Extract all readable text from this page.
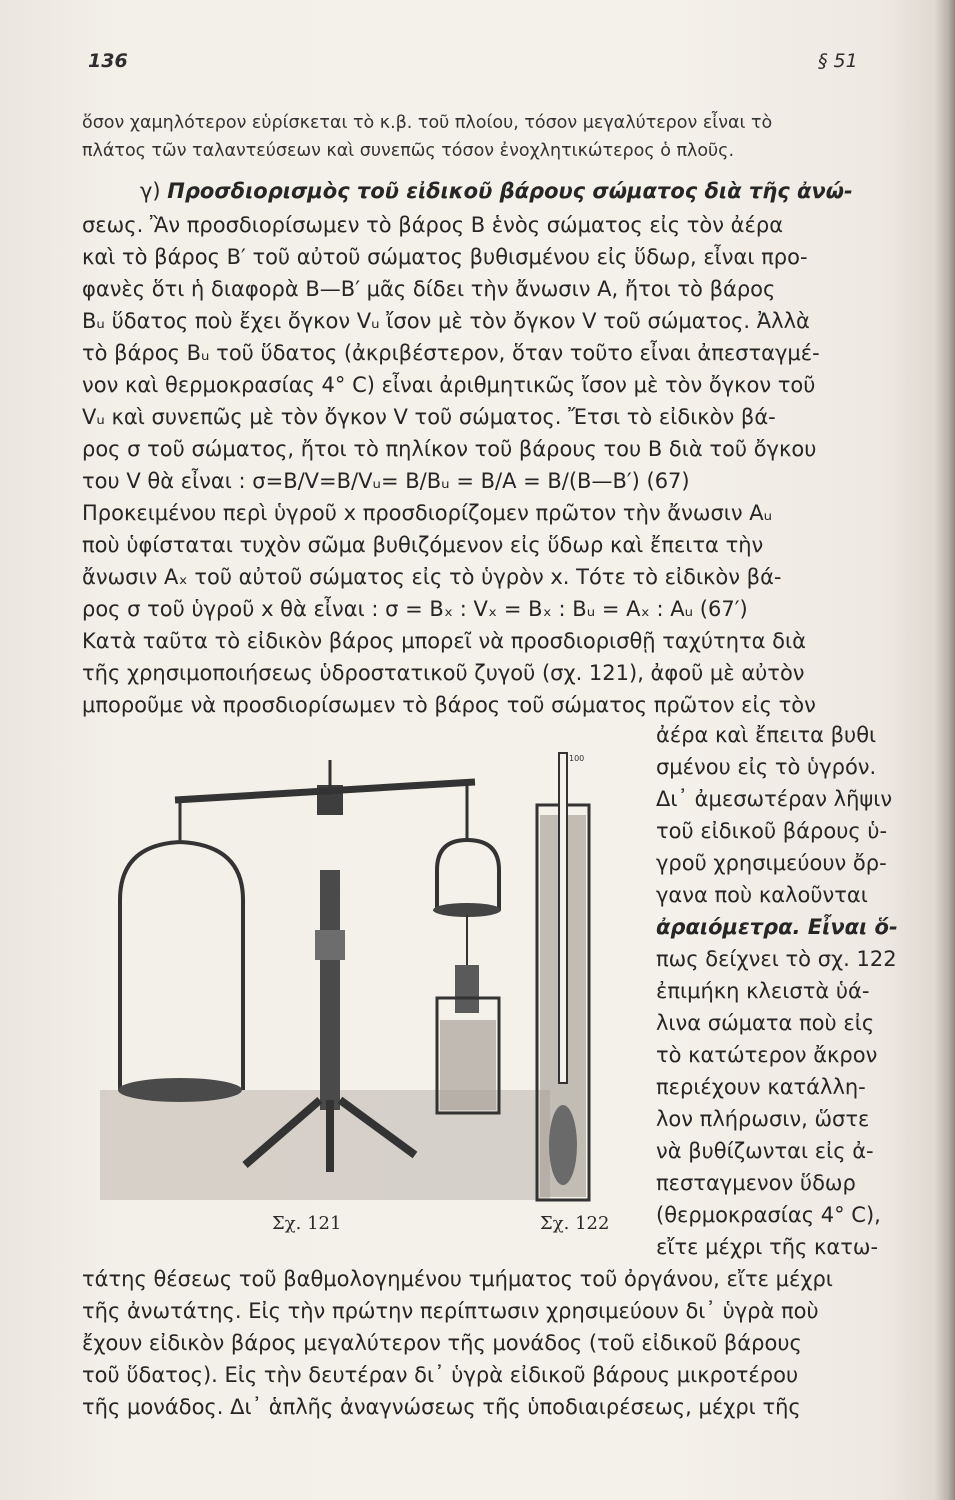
136	§ 51
ὅσον χαμηλότερον εὑρίσκεται τὸ κ.β. τοῦ πλοίου, τόσον μεγαλύτερον εἶναι τὸ
πλάτος τῶν ταλαντεύσεων καὶ συνεπῶς τόσον ἐνοχλητικώτερος ὁ πλοῦς.
γ) Προσδιορισμὸς τοῦ εἰδικοῦ βάρους σώματος διὰ τῆς ἀνώ-
σεως. Ἂν προσδιορίσωμεν τὸ βάρος B ἑνὸς σώματος εἰς τὸν ἀέρα
καὶ τὸ βάρος B′ τοῦ αὐτοῦ σώματος βυθισμένου εἰς ὕδωρ, εἶναι προ-
φανὲς ὅτι ἡ διαφορὰ B—B′ μᾶς δίδει τὴν ἄνωσιν A, ἤτοι τὸ βάρος
Bᵤ ὕδατος ποὺ ἔχει ὄγκον Vᵤ ἴσον μὲ τὸν ὄγκον V τοῦ σώματος. Ἀλλὰ
τὸ βάρος Bᵤ τοῦ ὕδατος (ἀκριβέστερον, ὅταν τοῦτο εἶναι ἀπεσταγμέ-
νον καὶ θερμοκρασίας 4° C) εἶναι ἀριθμητικῶς ἴσον μὲ τὸν ὄγκον τοῦ
Vᵤ καὶ συνεπῶς μὲ τὸν ὄγκον V τοῦ σώματος. Ἔτσι τὸ εἰδικὸν βά-
ρος σ τοῦ σώματος, ἤτοι τὸ πηλίκον τοῦ βάρους του B διὰ τοῦ ὄγκου
του V θὰ εἶναι : σ=B/V=B/Vᵤ= B/Bᵤ = B/A = B/(B—B′) (67)
Προκειμένου περὶ ὑγροῦ x προσδιορίζομεν πρῶτον τὴν ἄνωσιν Aᵤ
ποὺ ὑφίσταται τυχὸν σῶμα βυθιζόμενον εἰς ὕδωρ καὶ ἔπειτα τὴν
ἄνωσιν Aₓ τοῦ αὐτοῦ σώματος εἰς τὸ ὑγρὸν x. Τότε τὸ εἰδικὸν βά-
ρος σ τοῦ ὑγροῦ x θὰ εἶναι : σ = Bₓ : Vₓ = Bₓ : Bᵤ = Aₓ : Aᵤ (67′)
Κατὰ ταῦτα τὸ εἰδικὸν βάρος μπορεῖ νὰ προσδιορισθῇ ταχύτητα διὰ
τῆς χρησιμοποιήσεως ὑδροστατικοῦ ζυγοῦ (σχ. 121), ἀφοῦ μὲ αὐτὸν
μποροῦμε νὰ προσδιορίσωμεν τὸ βάρος τοῦ σώματος πρῶτον εἰς τὸν
ἀέρα καὶ ἔπειτα βυθι
σμένου εἰς τὸ ὑγρόν.
Δι᾽ ἀμεσωτέραν λῆψιν
τοῦ εἰδικοῦ βάρους ὑ-
γροῦ χρησιμεύουν ὄρ-
γανα ποὺ καλοῦνται
ἀραιόμετρα. Εἶναι ὅ-
πως δείχνει τὸ σχ. 122
ἐπιμήκη κλειστὰ ὑά-
λινα σώματα ποὺ εἰς
τὸ κατώτερον ἄκρον
περιέχουν κατάλλη-
λον πλήρωσιν, ὥστε
νὰ βυθίζωνται εἰς ἀ-
πεσταγμενον ὕδωρ
(θερμοκρασίας 4° C),
εἴτε μέχρι τῆς κατω-
100
Σχ. 121	Σχ. 122
τάτης θέσεως τοῦ βαθμολογημένου τμήματος τοῦ ὀργάνου, εἴτε μέχρι
τῆς ἀνωτάτης. Εἰς τὴν πρώτην περίπτωσιν χρησιμεύουν δι᾽ ὑγρὰ ποὺ
ἔχουν εἰδικὸν βάρος μεγαλύτερον τῆς μονάδος (τοῦ εἰδικοῦ βάρους
τοῦ ὕδατος). Εἰς τὴν δευτέραν δι᾽ ὑγρὰ εἰδικοῦ βάρους μικροτέρου
τῆς μονάδος. Δι᾽ ἁπλῆς ἀναγνώσεως τῆς ὑποδιαιρέσεως, μέχρι τῆς
